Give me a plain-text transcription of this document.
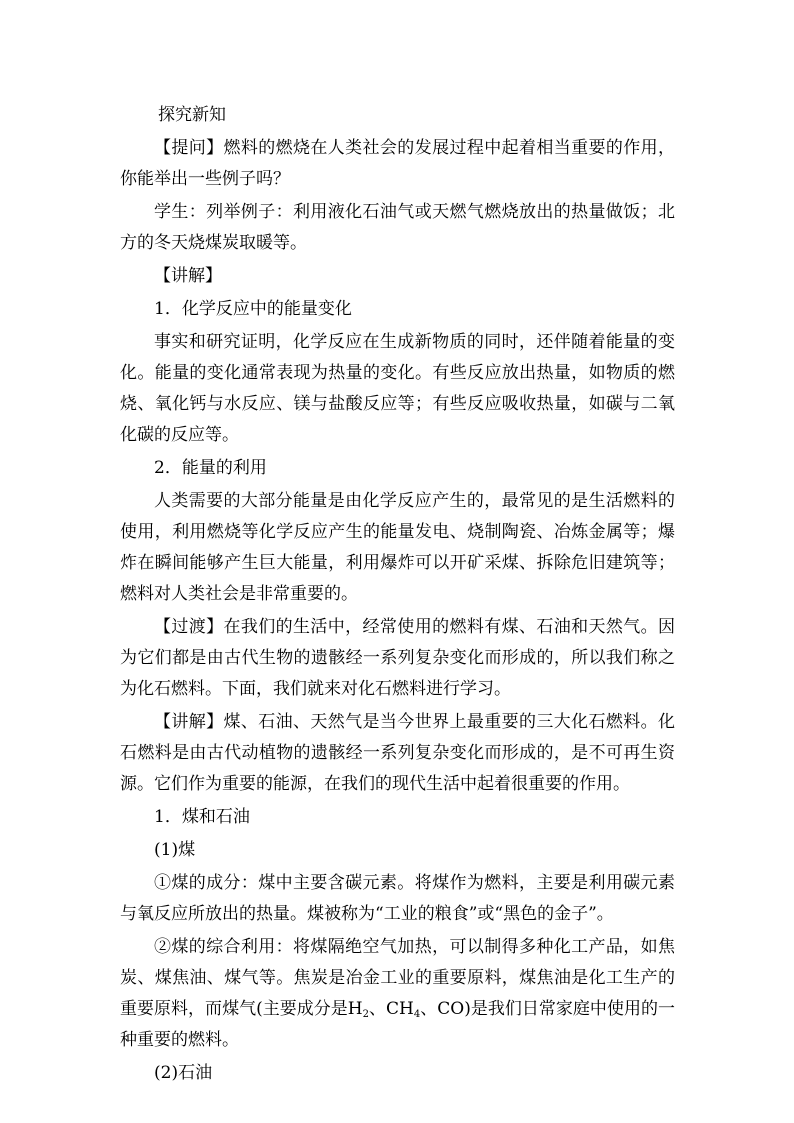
探究新知

【提问】燃料的燃烧在人类社会的发展过程中起着相当重要的作用，你能举出一些例子吗？

学生：列举例子：利用液化石油气或天燃气燃烧放出的热量做饭；北方的冬天烧煤炭取暖等。

【讲解】

1．化学反应中的能量变化

事实和研究证明，化学反应在生成新物质的同时，还伴随着能量的变化。能量的变化通常表现为热量的变化。有些反应放出热量，如物质的燃烧、氧化钙与水反应、镁与盐酸反应等；有些反应吸收热量，如碳与二氧化碳的反应等。

2．能量的利用

人类需要的大部分能量是由化学反应产生的，最常见的是生活燃料的使用，利用燃烧等化学反应产生的能量发电、烧制陶瓷、冶炼金属等；爆炸在瞬间能够产生巨大能量，利用爆炸可以开矿采煤、拆除危旧建筑等；燃料对人类社会是非常重要的。

【过渡】在我们的生活中，经常使用的燃料有煤、石油和天然气。因为它们都是由古代生物的遗骸经一系列复杂变化而形成的，所以我们称之为化石燃料。下面，我们就来对化石燃料进行学习。

【讲解】煤、石油、天然气是当今世界上最重要的三大化石燃料。化石燃料是由古代动植物的遗骸经一系列复杂变化而形成的，是不可再生资源。它们作为重要的能源，在我们的现代生活中起着很重要的作用。

1．煤和石油

(1)煤

①煤的成分：煤中主要含碳元素。将煤作为燃料，主要是利用碳元素与氧反应所放出的热量。煤被称为“工业的粮食”或“黑色的金子”。

②煤的综合利用：将煤隔绝空气加热，可以制得多种化工产品，如焦炭、煤焦油、煤气等。焦炭是冶金工业的重要原料，煤焦油是化工生产的重要原料，而煤气(主要成分是$H_2$、$CH_4$、CO)是我们日常家庭中使用的一种重要的燃料。

(2)石油
